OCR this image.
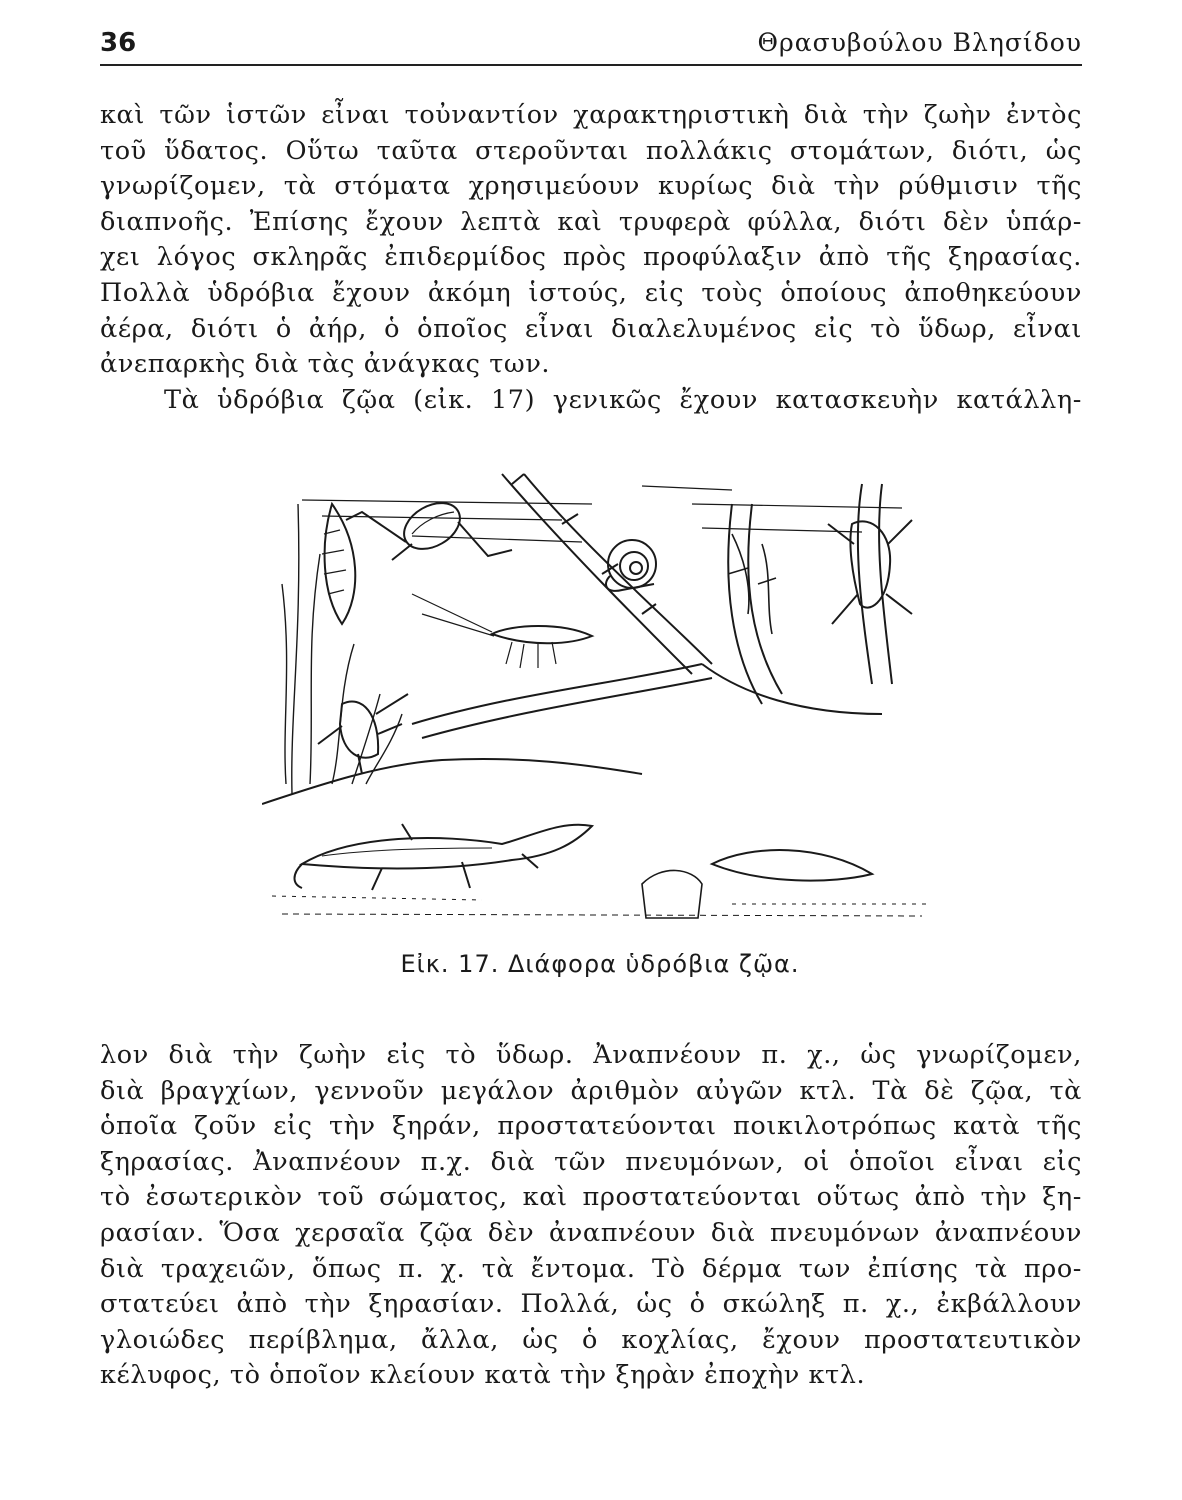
36	Θρασυβούλου Βλησίδου
καὶ τῶν ἱστῶν εἶναι τοὐναντίον χαρακτηριστικὴ διὰ τὴν ζωὴν ἐντὸς
τοῦ ὕδατος. Οὕτω ταῦτα στεροῦνται πολλάκις στομάτων, διότι, ὡς
γνωρίζομεν, τὰ στόματα χρησιμεύουν κυρίως διὰ τὴν ρύθμισιν τῆς
διαπνοῆς. Ἐπίσης ἔχουν λεπτὰ καὶ τρυφερὰ φύλλα, διότι δὲν ὑπάρ-
χει λόγος σκληρᾶς ἐπιδερμίδος πρὸς προφύλαξιν ἀπὸ τῆς ξηρασίας.
Πολλὰ ὑδρόβια ἔχουν ἀκόμη ἱστούς, εἰς τοὺς ὁποίους ἀποθηκεύουν
ἀέρα, διότι ὁ ἀήρ, ὁ ὁποῖος εἶναι διαλελυμένος εἰς τὸ ὕδωρ, εἶναι
ἀνεπαρκὴς διὰ τὰς ἀνάγκας των.
Τὰ ὑδρόβια ζῷα (εἰκ. 17) γενικῶς ἔχουν κατασκευὴν κατάλλη-
Εἰκ. 17. Διάφορα ὑδρόβια ζῷα.
λον διὰ τὴν ζωὴν εἰς τὸ ὕδωρ. Ἀναπνέουν π. χ., ὡς γνωρίζομεν,
διὰ βραγχίων, γεννοῦν μεγάλον ἀριθμὸν αὐγῶν κτλ. Τὰ δὲ ζῷα, τὰ
ὁποῖα ζοῦν εἰς τὴν ξηράν, προστατεύονται ποικιλοτρόπως κατὰ τῆς
ξηρασίας. Ἀναπνέουν π.χ. διὰ τῶν πνευμόνων, οἱ ὁποῖοι εἶναι εἰς
τὸ ἐσωτερικὸν τοῦ σώματος, καὶ προστατεύονται οὕτως ἀπὸ τὴν ξη-
ρασίαν. Ὅσα χερσαῖα ζῷα δὲν ἀναπνέουν διὰ πνευμόνων ἀναπνέουν
διὰ τραχειῶν, ὅπως π. χ. τὰ ἔντομα. Τὸ δέρμα των ἐπίσης τὰ προ-
στατεύει ἀπὸ τὴν ξηρασίαν. Πολλά, ὡς ὁ σκώληξ π. χ., ἐκβάλλουν
γλοιώδες περίβλημα, ἄλλα, ὡς ὁ κοχλίας, ἔχουν προστατευτικὸν
κέλυφος, τὸ ὁποῖον κλείουν κατὰ τὴν ξηρὰν ἐποχὴν κτλ.
